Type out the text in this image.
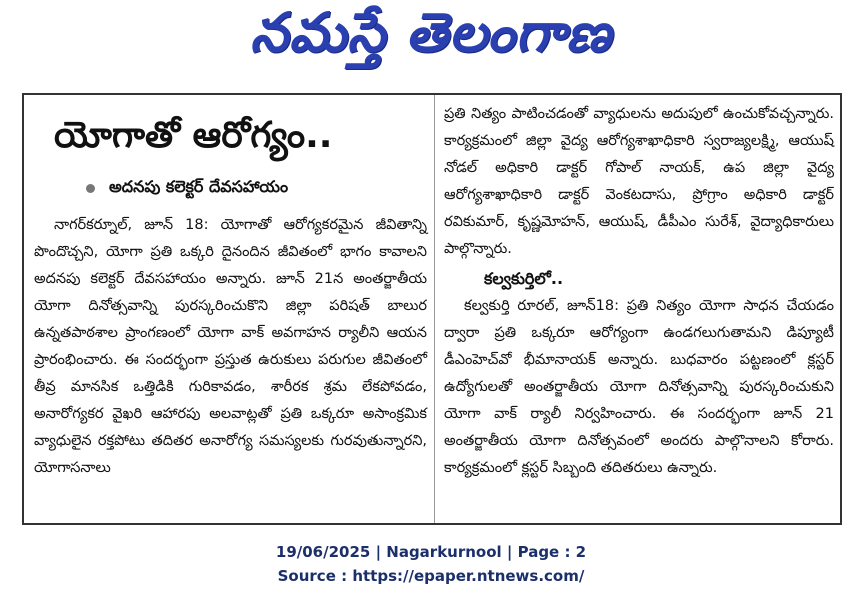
నమస్తే తెలంగాణ
యోగాతో ఆరోగ్యం..
అదనపు కలెక్టర్ దేవసహాయం

నాగర్‌కర్నూల్, జూన్ 18: యోగాతో ఆరోగ్యకరమైన జీవితాన్ని పొందొచ్చని, యోగా ప్రతి ఒక్కరి దైనందిన జీవితంలో భాగం కావాలని అదనపు కలెక్టర్ దేవసహాయం అన్నారు. జూన్ 21న అంతర్జాతీయ యోగా దినోత్సవాన్ని పురస్కరించుకొని జిల్లా పరిషత్ బాలుర ఉన్నతపాఠశాల ప్రాంగణంలో యోగా వాక్ అవగాహన ర్యాలీని ఆయన ప్రారంభించారు. ఈ సందర్భంగా ప్రస్తుత ఉరుకులు పరుగుల జీవితంలో తీవ్ర మానసిక ఒత్తిడికి గురికావడం, శారీరక శ్రమ లేకపోవడం, అనారోగ్యకర వైఖరి ఆహారపు అలవాట్లతో ప్రతి ఒక్కరూ అసాంక్రమిక వ్యాధులైన రక్తపోటు తదితర అనారోగ్య సమస్యలకు గురవుతున్నారని, యోగాసనాలు

ప్రతి నిత్యం పాటించడంతో వ్యాధులను అదుపులో ఉంచుకోవచ్చన్నారు. కార్యక్రమంలో జిల్లా వైద్య ఆరోగ్యశాఖాధికారి స్వరాజ్యలక్ష్మి, ఆయుష్ నోడల్ అధికారి డాక్టర్ గోపాల్ నాయక్, ఉప జిల్లా వైద్య ఆరోగ్యశాఖాధికారి డాక్టర్ వెంకటదాసు, ప్రోగ్రాం అధికారి డాక్టర్ రవికుమార్, కృష్ణమోహన్, ఆయుష్, డీపీఎం సురేశ్, వైద్యాధికారులు పాల్గొన్నారు.

కల్వకుర్తిలో..

కల్వకుర్తి రూరల్, జూన్18: ప్రతి నిత్యం యోగా సాధన చేయడం ద్వారా ప్రతి ఒక్కరూ ఆరోగ్యంగా ఉండగలుగుతామని డిప్యూటీ డీఎంహెచ్‌వో భీమానాయక్ అన్నారు. బుధవారం పట్టణంలో క్లస్టర్ ఉద్యోగులతో అంతర్జాతీయ యోగా దినోత్సవాన్ని పురస్కరించుకుని యోగా వాక్ ర్యాలీ నిర్వహించారు. ఈ సందర్భంగా జూన్ 21 అంతర్జాతీయ యోగా దినోత్సవంలో అందరు పాల్గొనాలని కోరారు. కార్యక్రమంలో క్లస్టర్ సిబ్బంది తదితరులు ఉన్నారు.

19/06/2025 | Nagarkurnool | Page : 2
Source : https://epaper.ntnews.com/
